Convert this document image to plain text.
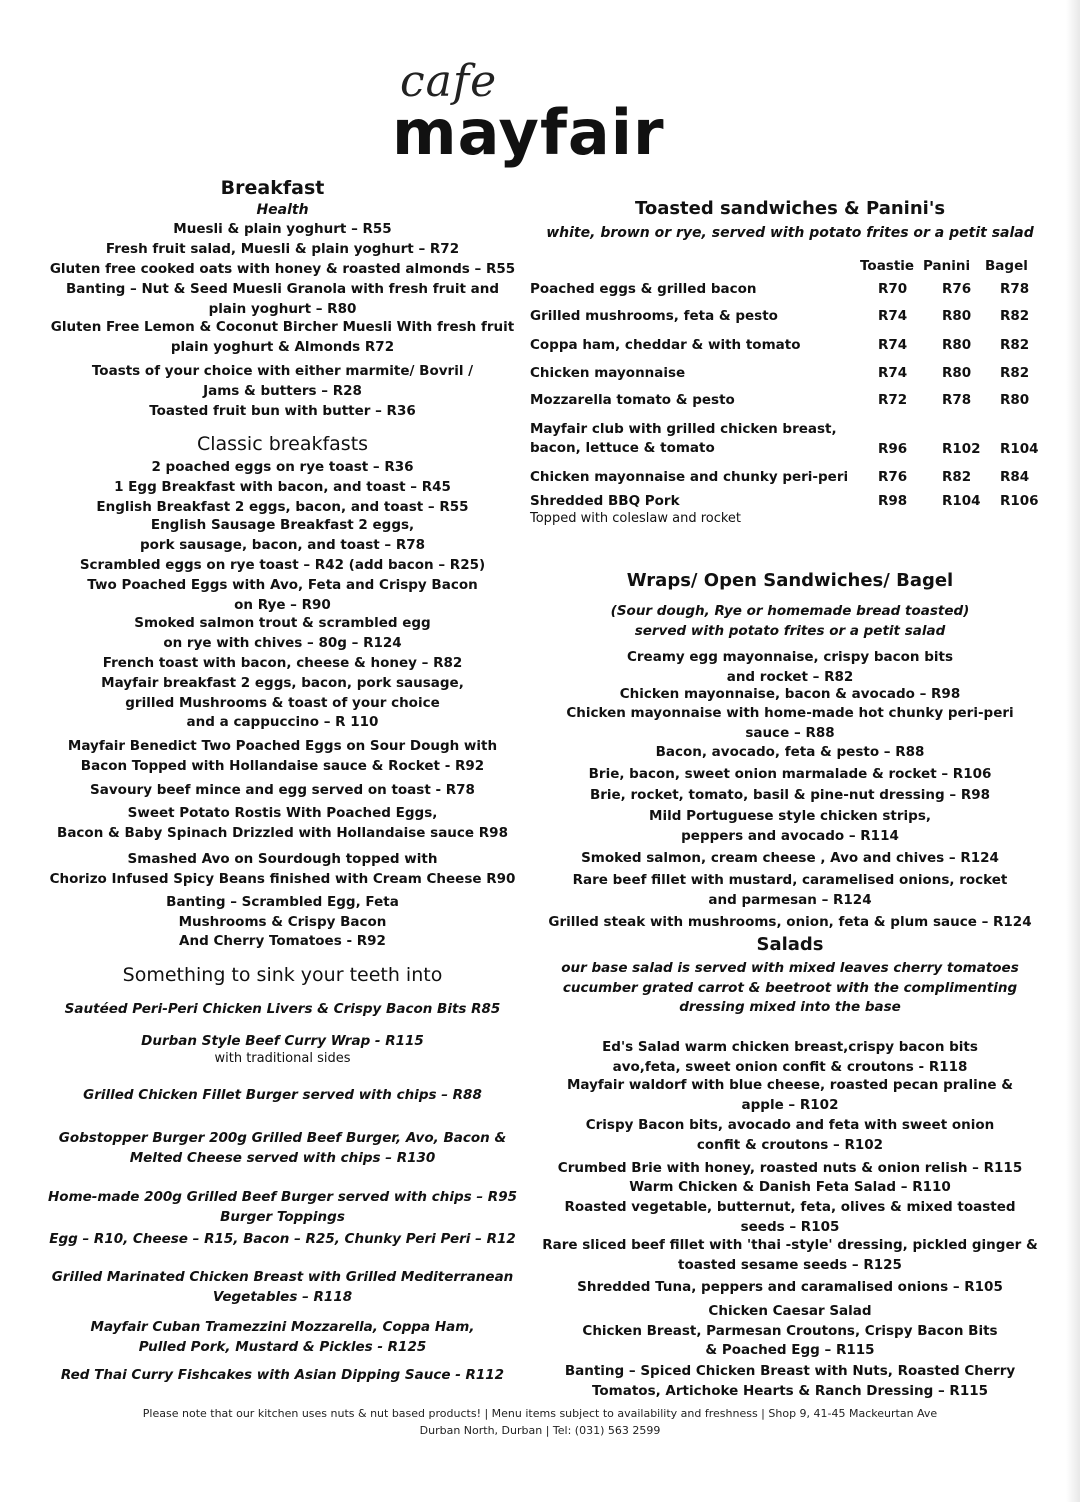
cafe
mayfair
Breakfast
Health
Muesli & plain yoghurt – R55
Fresh fruit salad, Muesli & plain yoghurt – R72
Gluten free cooked oats with honey & roasted almonds – R55
Banting – Nut & Seed Muesli Granola with fresh fruit and
plain yoghurt – R80
Gluten Free Lemon & Coconut Bircher Muesli With fresh fruit
plain yoghurt & Almonds R72
Toasts of your choice with either marmite/ Bovril /
Jams & butters – R28
Toasted fruit bun with butter – R36
Classic breakfasts
2 poached eggs on rye toast – R36
1 Egg Breakfast with bacon, and toast – R45
English Breakfast 2 eggs, bacon, and toast – R55
English Sausage Breakfast 2 eggs,
pork sausage, bacon, and toast – R78
Scrambled eggs on rye toast – R42 (add bacon – R25)
Two Poached Eggs with Avo, Feta and Crispy Bacon
on Rye – R90
Smoked salmon trout & scrambled egg
on rye with chives – 80g – R124
French toast with bacon, cheese & honey – R82
Mayfair breakfast 2 eggs, bacon, pork sausage,
grilled Mushrooms & toast of your choice
and a cappuccino – R 110
Mayfair Benedict Two Poached Eggs on Sour Dough with
Bacon Topped with Hollandaise sauce & Rocket - R92
Savoury beef mince and egg served on toast - R78
Sweet Potato Rostis With Poached Eggs,
Bacon & Baby Spinach Drizzled with Hollandaise sauce R98
Smashed Avo on Sourdough topped with
Chorizo Infused Spicy Beans finished with Cream Cheese R90
Banting – Scrambled Egg, Feta
Mushrooms & Crispy Bacon
And Cherry Tomatoes - R92
Something to sink your teeth into
Sautéed Peri-Peri Chicken Livers & Crispy Bacon Bits R85
Durban Style Beef Curry Wrap - R115
with traditional sides
Grilled Chicken Fillet Burger served with chips – R88
Gobstopper Burger 200g Grilled Beef Burger, Avo, Bacon &
Melted Cheese served with chips – R130
Home-made 200g Grilled Beef Burger served with chips – R95
Burger Toppings
Egg – R10, Cheese – R15, Bacon – R25, Chunky Peri Peri – R12
Grilled Marinated Chicken Breast with Grilled Mediterranean
Vegetables – R118
Mayfair Cuban Tramezzini Mozzarella, Coppa Ham,
Pulled Pork, Mustard & Pickles - R125
Red Thai Curry Fishcakes with Asian Dipping Sauce - R112
Toasted sandwiches & Panini's
white, brown or rye, served with potato frites or a petit salad
Toastie Panini Bagel
Poached eggs & grilled bacon	R70	R76	R78
Grilled mushrooms, feta & pesto	R74	R80	R82
Coppa ham, cheddar & with tomato	R74	R80	R82
Chicken mayonnaise	R74	R80	R82
Mozzarella tomato & pesto	R72	R78	R80
Mayfair club with grilled chicken breast,
bacon, lettuce & tomato	R96	R102	R104
Chicken mayonnaise and chunky peri-peri	R76	R82	R84
Shredded BBQ Pork	R98	R104	R106
Topped with coleslaw and rocket
Wraps/ Open Sandwiches/ Bagel
(Sour dough, Rye or homemade bread toasted)
served with potato frites or a petit salad
Creamy egg mayonnaise, crispy bacon bits
and rocket – R82
Chicken mayonnaise, bacon & avocado – R98
Chicken mayonnaise with home-made hot chunky peri-peri
sauce – R88
Bacon, avocado, feta & pesto – R88
Brie, bacon, sweet onion marmalade & rocket – R106
Brie, rocket, tomato, basil & pine-nut dressing – R98
Mild Portuguese style chicken strips,
peppers and avocado – R114
Smoked salmon, cream cheese , Avo and chives – R124
Rare beef fillet with mustard, caramelised onions, rocket
and parmesan – R124
Grilled steak with mushrooms, onion, feta & plum sauce – R124
Salads
our base salad is served with mixed leaves cherry tomatoes
cucumber grated carrot & beetroot with the complimenting
dressing mixed into the base
Ed's Salad warm chicken breast,crispy bacon bits
avo,feta, sweet onion confit & croutons - R118
Mayfair waldorf with blue cheese, roasted pecan praline &
apple – R102
Crispy Bacon bits, avocado and feta with sweet onion
confit & croutons – R102
Crumbed Brie with honey, roasted nuts & onion relish – R115
Warm Chicken & Danish Feta Salad – R110
Roasted vegetable, butternut, feta, olives & mixed toasted
seeds – R105
Rare sliced beef fillet with 'thai -style' dressing, pickled ginger &
toasted sesame seeds – R125
Shredded Tuna, peppers and caramalised onions – R105
Chicken Caesar Salad
Chicken Breast, Parmesan Croutons, Crispy Bacon Bits
& Poached Egg – R115
Banting – Spiced Chicken Breast with Nuts, Roasted Cherry
Tomatos, Artichoke Hearts & Ranch Dressing – R115
Please note that our kitchen uses nuts & nut based products! | Menu items subject to availability and freshness | Shop 9, 41-45 Mackeurtan Ave
Durban North, Durban | Tel: (031) 563 2599
